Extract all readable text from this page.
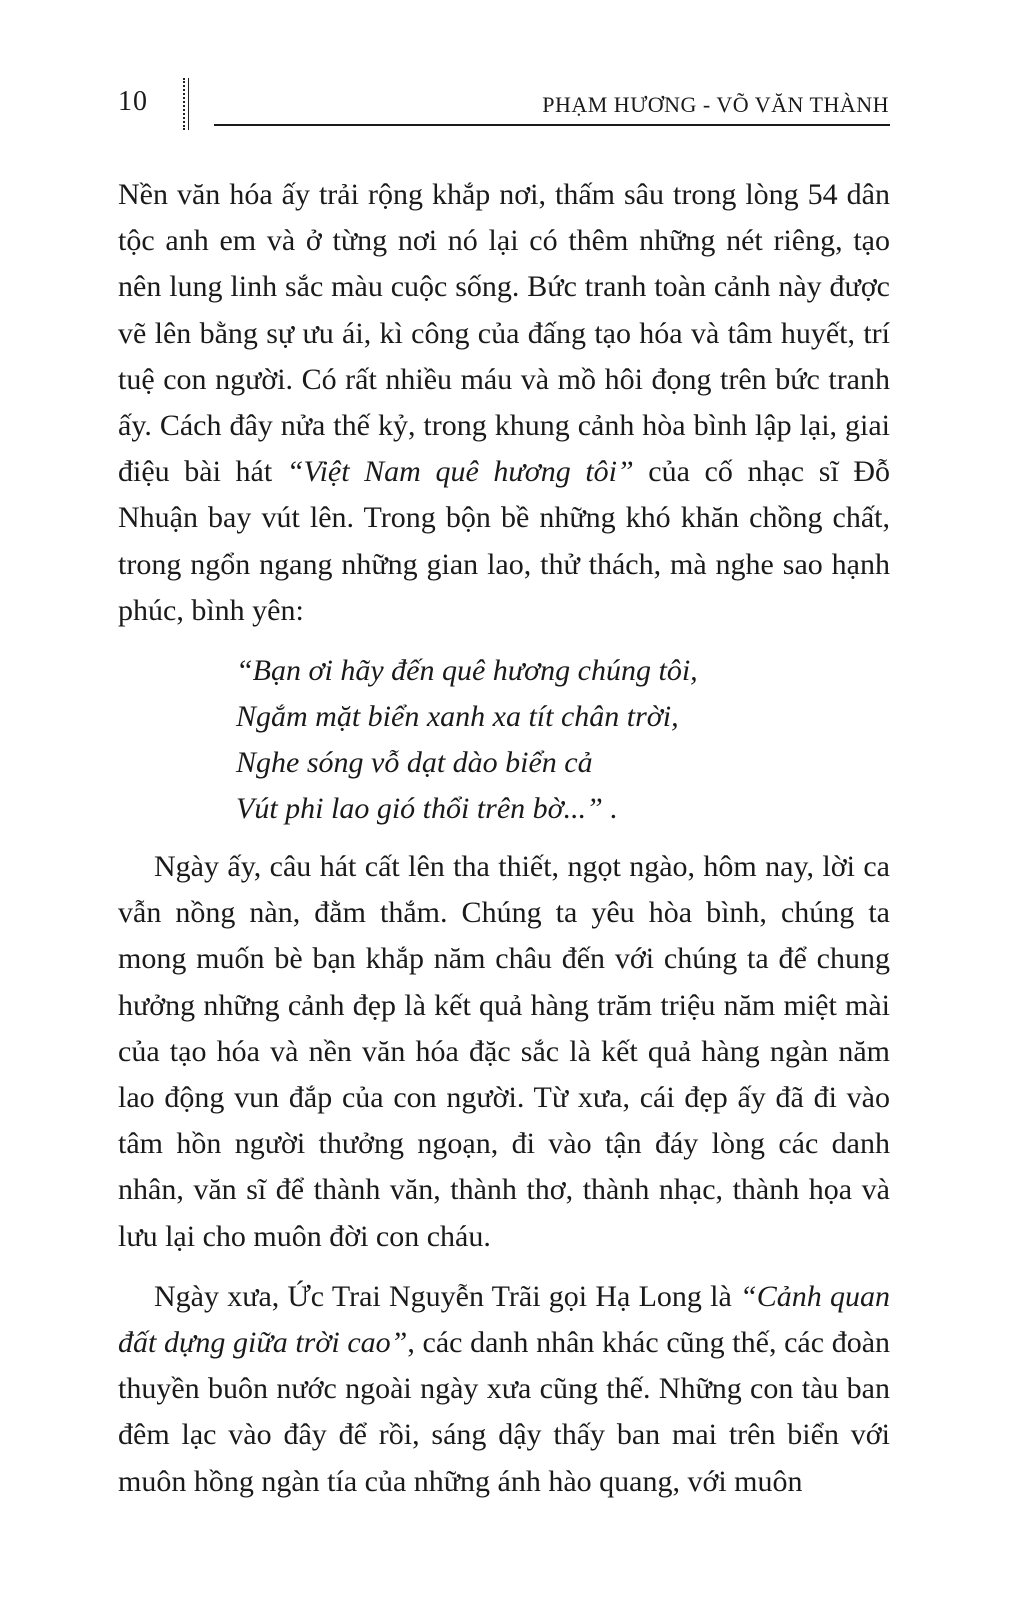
10	PHẠM HƯƠNG - VÕ VĂN THÀNH

Nền văn hóa ấy trải rộng khắp nơi, thấm sâu trong lòng 54 dân tộc anh em và ở từng nơi nó lại có thêm những nét riêng, tạo nên lung linh sắc màu cuộc sống. Bức tranh toàn cảnh này được vẽ lên bằng sự ưu ái, kì công của đấng tạo hóa và tâm huyết, trí tuệ con người. Có rất nhiều máu và mồ hôi đọng trên bức tranh ấy. Cách đây nửa thế kỷ, trong khung cảnh hòa bình lập lại, giai điệu bài hát “Việt Nam quê hương tôi” của cố nhạc sĩ Đỗ Nhuận bay vút lên. Trong bộn bề những khó khăn chồng chất, trong ngổn ngang những gian lao, thử thách, mà nghe sao hạnh phúc, bình yên:

“Bạn ơi hãy đến quê hương chúng tôi,
Ngắm mặt biển xanh xa tít chân trời,
Nghe sóng vỗ dạt dào biển cả
Vút phi lao gió thổi trên bờ...” .

Ngày ấy, câu hát cất lên tha thiết, ngọt ngào, hôm nay, lời ca vẫn nồng nàn, đằm thắm. Chúng ta yêu hòa bình, chúng ta mong muốn bè bạn khắp năm châu đến với chúng ta để chung hưởng những cảnh đẹp là kết quả hàng trăm triệu năm miệt mài của tạo hóa và nền văn hóa đặc sắc là kết quả hàng ngàn năm lao động vun đắp của con người. Từ xưa, cái đẹp ấy đã đi vào tâm hồn người thưởng ngoạn, đi vào tận đáy lòng các danh nhân, văn sĩ để thành văn, thành thơ, thành nhạc, thành họa và lưu lại cho muôn đời con cháu.

Ngày xưa, Ức Trai Nguyễn Trãi gọi Hạ Long là “Cảnh quan đất dựng giữa trời cao”, các danh nhân khác cũng thế, các đoàn thuyền buôn nước ngoài ngày xưa cũng thế. Những con tàu ban đêm lạc vào đây để rồi, sáng dậy thấy ban mai trên biển với muôn hồng ngàn tía của những ánh hào quang, với muôn
